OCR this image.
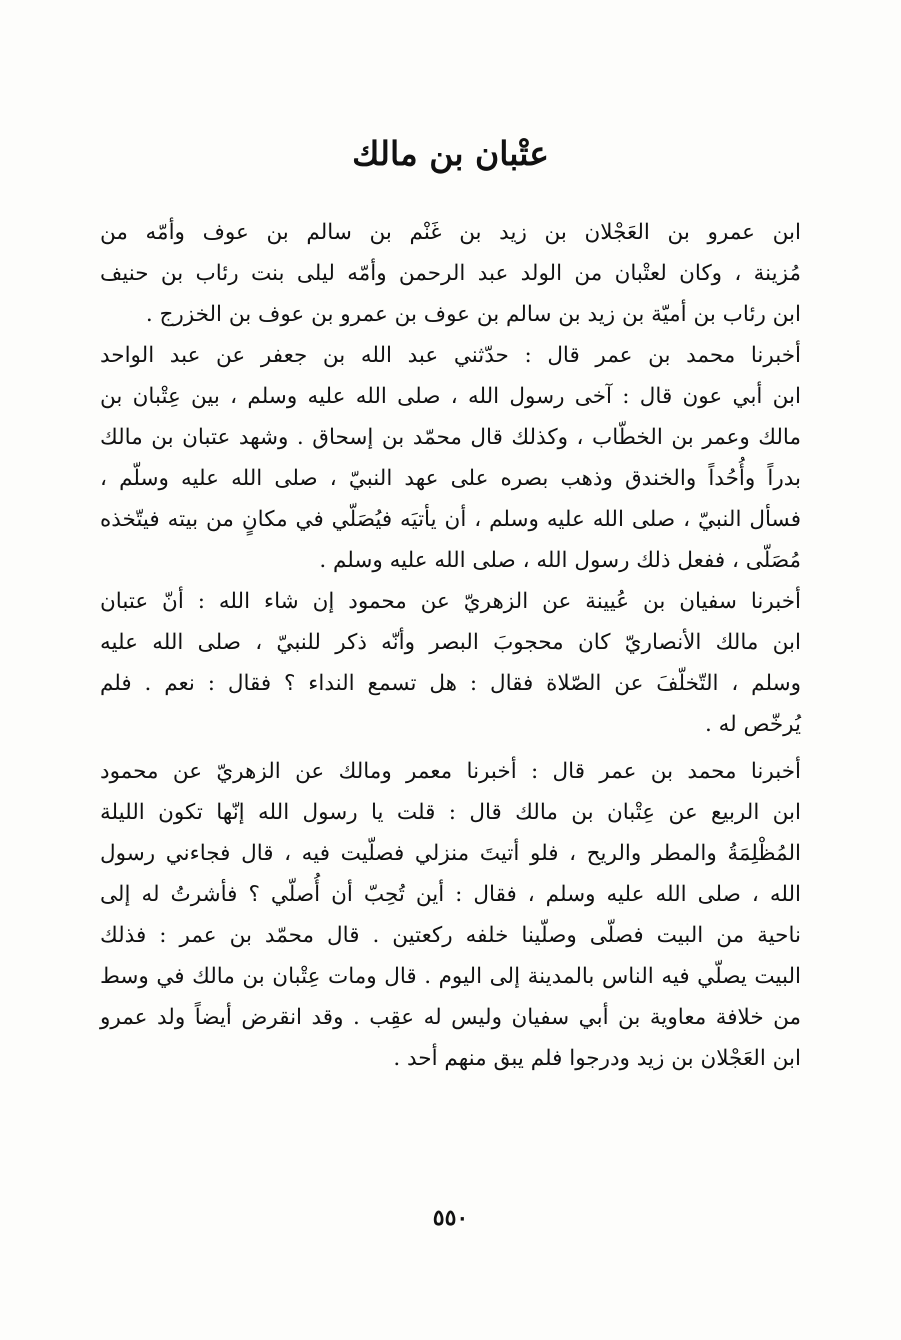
عتْبان بن مالك
ابن عمرو بن العَجْلان بن زيد بن غَنْم بن سالم بن عوف وأمّه من
مُزينة ، وكان لعتْبان من الولد عبد الرحمن وأمّه ليلى بنت رئاب بن حنيف
ابن رئاب بن أميّة بن زيد بن سالم بن عوف بن عمرو بن عوف بن الخزرج .
أخبرنا محمد بن عمر قال : حدّثني عبد الله بن جعفر عن عبد الواحد
ابن أبي عون قال : آخى رسول الله ، صلى الله عليه وسلم ، بين عِتْبان بن
مالك وعمر بن الخطّاب ، وكذلك قال محمّد بن إسحاق . وشهد عتبان بن مالك
بدراً وأُحُداً والخندق وذهب بصره على عهد النبيّ ، صلى الله عليه وسلّم ،
فسأل النبيّ ، صلى الله عليه وسلم ، أن يأتيَه فيُصَلّي في مكانٍ من بيته فيتّخذه
مُصَلّى ، ففعل ذلك رسول الله ، صلى الله عليه وسلم .
أخبرنا سفيان بن عُيينة عن الزهريّ عن محمود إن شاء الله : أنّ عتبان
ابن مالك الأنصاريّ كان محجوبَ البصر وأنّه ذكر للنبيّ ، صلى الله عليه
وسلم ، التّخلّفَ عن الصّلاة فقال : هل تسمع النداء ؟ فقال : نعم . فلم
يُرخّص له .
أخبرنا محمد بن عمر قال : أخبرنا معمر ومالك عن الزهريّ عن محمود
ابن الربيع عن عِتْبان بن مالك قال : قلت يا رسول الله إنّها تكون الليلة
المُظْلِمَةُ والمطر والريح ، فلو أتيتَ منزلي فصلّيت فيه ، قال فجاءني رسول
الله ، صلى الله عليه وسلم ، فقال : أين تُحِبّ أن أُصلّي ؟ فأشرتُ له إلى
ناحية من البيت فصلّى وصلّينا خلفه ركعتين . قال محمّد بن عمر : فذلك
البيت يصلّي فيه الناس بالمدينة إلى اليوم . قال ومات عِتْبان بن مالك في وسط
من خلافة معاوية بن أبي سفيان وليس له عقِب . وقد انقرض أيضاً ولد عمرو
ابن العَجْلان بن زيد ودرجوا فلم يبق منهم أحد .
٥٥٠
